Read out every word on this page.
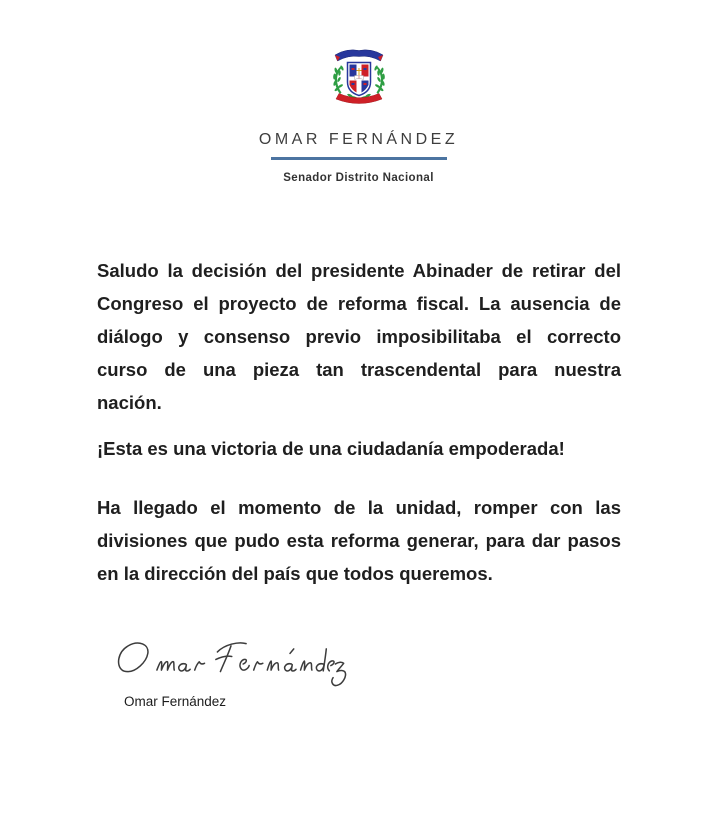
OMAR FERNÁNDEZ
Senador Distrito Nacional
Saludo la decisión del presidente Abinader de retirar del
Congreso el proyecto de reforma fiscal. La ausencia de
diálogo y consenso previo imposibilitaba el correcto
curso de una pieza tan trascendental para nuestra
nación.
¡Esta es una victoria de una ciudadanía empoderada!
Ha llegado el momento de la unidad, romper con las
divisiones que pudo esta reforma generar, para dar pasos
en la dirección del país que todos queremos.
Omar Fernández
